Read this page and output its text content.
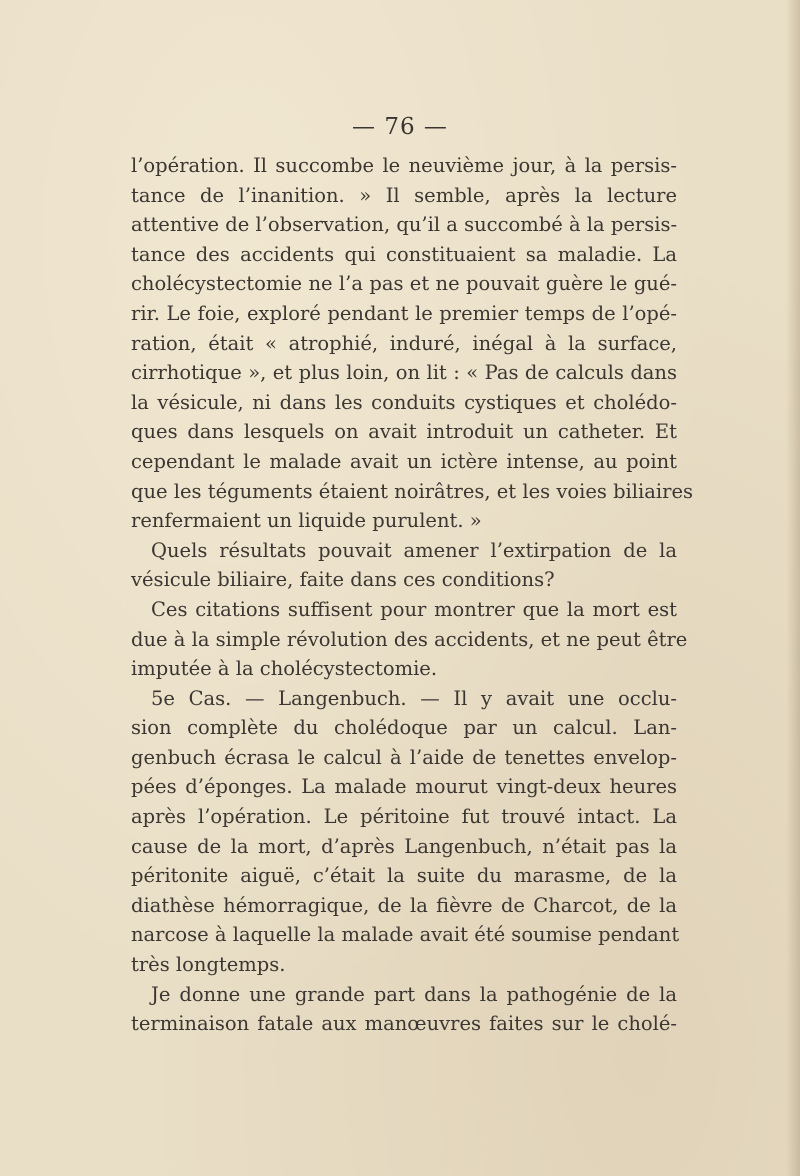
— 76 —
l’opération. Il succombe le neuvième jour, à la persis-
tance de l’inanition. » Il semble, après la lecture
attentive de l’observation, qu’il a succombé à la persis-
tance des accidents qui constituaient sa maladie. La
cholécystectomie ne l’a pas et ne pouvait guère le gué-
rir. Le foie, exploré pendant le premier temps de l’opé-
ration, était « atrophié, induré, inégal à la surface,
cirrhotique », et plus loin, on lit : « Pas de calculs dans
la vésicule, ni dans les conduits cystiques et cholédo-
ques dans lesquels on avait introduit un catheter. Et
cependant le malade avait un ictère intense, au point
que les téguments étaient noirâtres, et les voies biliaires
renfermaient un liquide purulent. »
Quels résultats pouvait amener l’extirpation de la
vésicule biliaire, faite dans ces conditions?
Ces citations suffisent pour montrer que la mort est
due à la simple révolution des accidents, et ne peut être
imputée à la cholécystectomie.
5e Cas. — Langenbuch. — Il y avait une occlu-
sion complète du cholédoque par un calcul. Lan-
genbuch écrasa le calcul à l’aide de tenettes envelop-
pées d’éponges. La malade mourut vingt-deux heures
après l’opération. Le péritoine fut trouvé intact. La
cause de la mort, d’après Langenbuch, n’était pas la
péritonite aiguë, c’était la suite du marasme, de la
diathèse hémorragique, de la fièvre de Charcot, de la
narcose à laquelle la malade avait été soumise pendant
très longtemps.
Je donne une grande part dans la pathogénie de la
terminaison fatale aux manœuvres faites sur le cholé-
